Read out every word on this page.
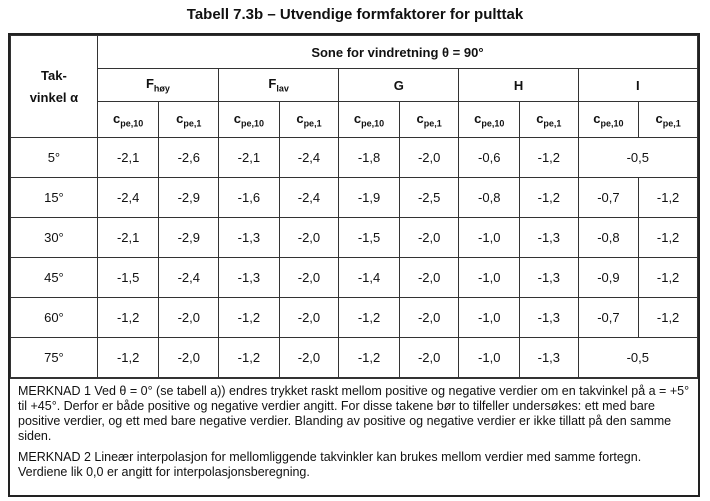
Tabell 7.3b – Utvendige formfaktorer for pulttak
Tak-
vinkel α	Sone for vindretning θ = 90°									
	$F_{høy}$		$F_{lav}$		G		H		I	
	$c_{pe,10}$	$c_{pe,1}$	$c_{pe,10}$	$c_{pe,1}$	$c_{pe,10}$	$c_{pe,1}$	$c_{pe,10}$	$c_{pe,1}$	$c_{pe,10}$	$c_{pe,1}$
5°	-2,1	-2,6	-2,1	-2,4	-1,8	-2,0	-0,6	-1,2	-0,5	
15°	-2,4	-2,9	-1,6	-2,4	-1,9	-2,5	-0,8	-1,2	-0,7	-1,2
30°	-2,1	-2,9	-1,3	-2,0	-1,5	-2,0	-1,0	-1,3	-0,8	-1,2
45°	-1,5	-2,4	-1,3	-2,0	-1,4	-2,0	-1,0	-1,3	-0,9	-1,2
60°	-1,2	-2,0	-1,2	-2,0	-1,2	-2,0	-1,0	-1,3	-0,7	-1,2
75°	-1,2	-2,0	-1,2	-2,0	-1,2	-2,0	-1,0	-1,3	-0,5	

MERKNAD 1 Ved θ = 0° (se tabell a)) endres trykket raskt mellom positive og negative verdier om en takvinkel på a = +5° til +45°. Derfor er både positive og negative verdier angitt. For disse takene bør to tilfeller undersøkes: ett med bare positive verdier, og ett med bare negative verdier. Blanding av positive og negative verdier er ikke tillatt på den samme siden.

MERKNAD 2 Lineær interpolasjon for mellomliggende takvinkler kan brukes mellom verdier med samme fortegn. Verdiene lik 0,0 er angitt for interpolasjonsberegning.
